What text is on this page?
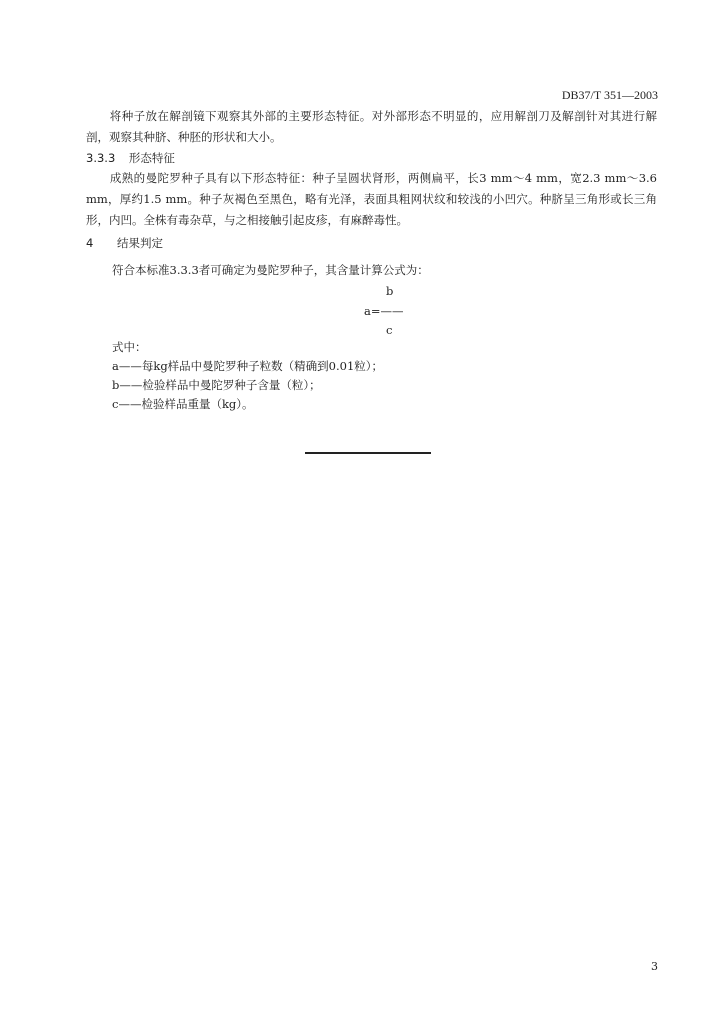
DB37/T 351—2003
　　将种子放在解剖镜下观察其外部的主要形态特征。对外部形态不明显的，应用解剖刀及解剖针对其进行解剖，观察其种脐、种胚的形状和大小。
3.3.3 形态特征
　　成熟的曼陀罗种子具有以下形态特征：种子呈圆状肾形，两侧扁平，长3 mm～4 mm，宽2.3 mm～3.6 mm，厚约1.5 mm。种子灰褐色至黑色，略有光泽，表面具粗网状纹和较浅的小凹穴。种脐呈三角形或长三角形，内凹。全株有毒杂草，与之相接触引起皮疹，有麻醉毒性。
4 结果判定
符合本标准3.3.3者可确定为曼陀罗种子，其含量计算公式为：
b
a=——
c
式中：
a——每kg样品中曼陀罗种子粒数（精确到0.01粒）；
b——检验样品中曼陀罗种子含量（粒）；
c——检验样品重量（kg）。
3
